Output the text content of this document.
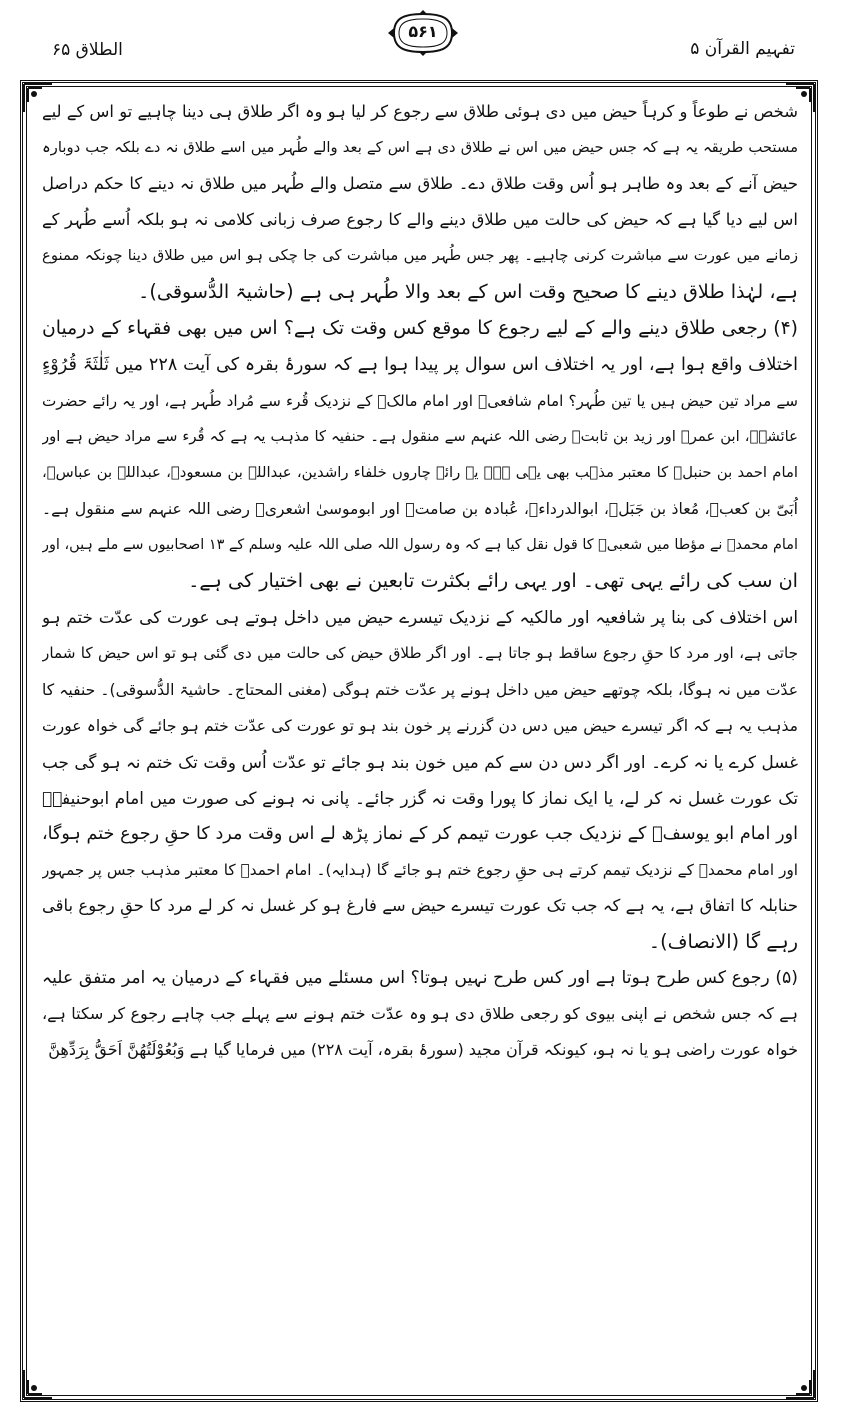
الطلاق ۶۵
۵۶۱
تفہیم القرآن ۵
شخص نے طوعاً و کرہاً حیض میں دی ہوئی طلاق سے رجوع کر لیا ہو وہ اگر طلاق ہی دینا چاہیے تو اس کے لیے
مستحب طریقہ یہ ہے کہ جس حیض میں اس نے طلاق دی ہے اس کے بعد والے طُہر میں اسے طلاق نہ دے بلکہ جب دوبارہ
حیض آنے کے بعد وہ طاہر ہو اُس وقت طلاق دے۔ طلاق سے متصل والے طُہر میں طلاق نہ دینے کا حکم دراصل
اس لیے دیا گیا ہے کہ حیض کی حالت میں طلاق دینے والے کا رجوع صرف زبانی کلامی نہ ہو بلکہ اُسے طُہر کے
زمانے میں عورت سے مباشرت کرنی چاہیے۔ پھر جس طُہر میں مباشرت کی جا چکی ہو اس میں طلاق دینا چونکہ ممنوع
ہے، لہٰذا طلاق دینے کا صحیح وقت اس کے بعد والا طُہر ہی ہے (حاشیۃ الدُّسوقی)۔
(۴) رجعی طلاق دینے والے کے لیے رجوع کا موقع کس وقت تک ہے؟ اس میں بھی فقہاء کے درمیان
اختلاف واقع ہوا ہے، اور یہ اختلاف اس سوال پر پیدا ہوا ہے کہ سورۂ بقرہ کی آیت ۲۲۸ میں ثَلٰثَۃَ قُرُوْءٍ
سے مراد تین حیض ہیں یا تین طُہر؟ امام شافعیؒ اور امام مالکؒ کے نزدیک قُرء سے مُراد طُہر ہے، اور یہ رائے حضرت
عائشہؓ، ابن عمرؓ اور زید بن ثابتؓ رضی اللہ عنہم سے منقول ہے۔ حنفیہ کا مذہب یہ ہے کہ قُرء سے مراد حیض ہے اور
امام احمد بن حنبلؒ کا معتبر مذہب بھی یہی ہے۔ یہ رائے چاروں خلفاء راشدین، عبداللہ بن مسعودؓ، عبداللہ بن عباسؓ،
اُبَیّ بن کعبؓ، مُعاذ بن جَبَلؓ، ابوالدرداءؓ، عُبادہ بن صامتؓ اور ابوموسیٰ اشعریؓ رضی اللہ عنہم سے منقول ہے۔
امام محمدؒ نے مؤطا میں شعبیؒ کا قول نقل کیا ہے کہ وہ رسول اللہ صلی اللہ علیہ وسلم کے ۱۳ اصحابیوں سے ملے ہیں، اور
ان سب کی رائے یہی تھی۔ اور یہی رائے بکثرت تابعین نے بھی اختیار کی ہے۔
اس اختلاف کی بنا پر شافعیہ اور مالکیہ کے نزدیک تیسرے حیض میں داخل ہوتے ہی عورت کی عدّت ختم ہو
جاتی ہے، اور مرد کا حقِ رجوع ساقط ہو جاتا ہے۔ اور اگر طلاق حیض کی حالت میں دی گئی ہو تو اس حیض کا شمار
عدّت میں نہ ہوگا، بلکہ چوتھے حیض میں داخل ہونے پر عدّت ختم ہوگی (مغنی المحتاج۔ حاشیۃ الدُّسوقی)۔ حنفیہ کا
مذہب یہ ہے کہ اگر تیسرے حیض میں دس دن گزرنے پر خون بند ہو تو عورت کی عدّت ختم ہو جائے گی خواہ عورت
غسل کرے یا نہ کرے۔ اور اگر دس دن سے کم میں خون بند ہو جائے تو عدّت اُس وقت تک ختم نہ ہو گی جب
تک عورت غسل نہ کر لے، یا ایک نماز کا پورا وقت نہ گزر جائے۔ پانی نہ ہونے کی صورت میں امام ابوحنیفہؒ
اور امام ابو یوسفؒ کے نزدیک جب عورت تیمم کر کے نماز پڑھ لے اس وقت مرد کا حقِ رجوع ختم ہوگا،
اور امام محمدؒ کے نزدیک تیمم کرتے ہی حقِ رجوع ختم ہو جائے گا (ہدایہ)۔ امام احمدؒ کا معتبر مذہب جس پر جمہور
حنابلہ کا اتفاق ہے، یہ ہے کہ جب تک عورت تیسرے حیض سے فارغ ہو کر غسل نہ کر لے مرد کا حقِ رجوع باقی
رہے گا (الانصاف)۔
(۵) رجوع کس طرح ہوتا ہے اور کس طرح نہیں ہوتا؟ اس مسئلے میں فقہاء کے درمیان یہ امر متفق علیہ
ہے کہ جس شخص نے اپنی بیوی کو رجعی طلاق دی ہو وہ عدّت ختم ہونے سے پہلے جب چاہے رجوع کر سکتا ہے،
خواہ عورت راضی ہو یا نہ ہو، کیونکہ قرآن مجید (سورۂ بقرہ، آیت ۲۲۸) میں فرمایا گیا ہے وَبُعُوْلَتُهُنَّ اَحَقُّ بِرَدِّهِنَّ
